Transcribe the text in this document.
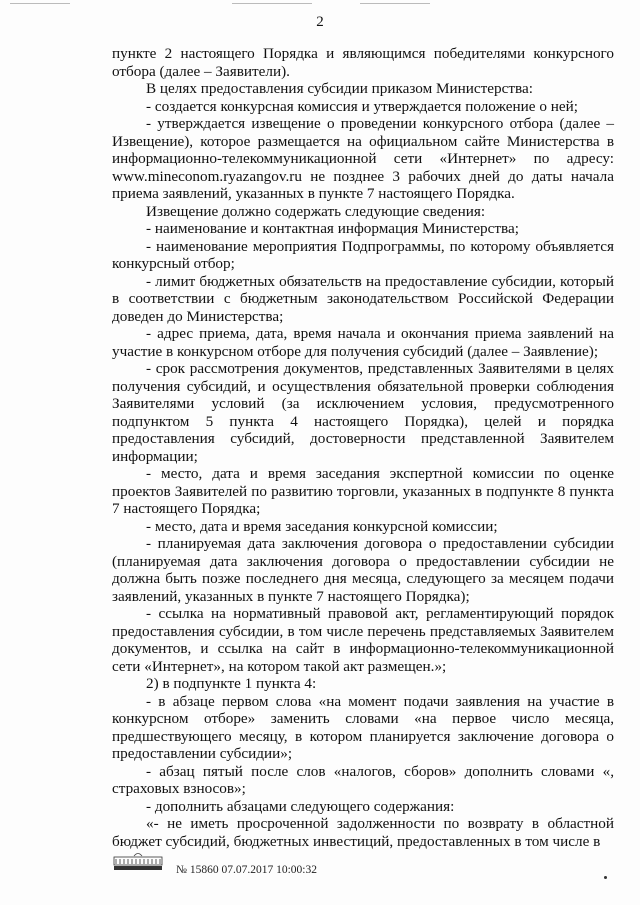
2

пункте 2 настоящего Порядка и являющимся победителями конкурсного отбора (далее – Заявители).

В целях предоставления субсидии приказом Министерства:

- создается конкурсная комиссия и утверждается положение о ней;

- утверждается извещение о проведении конкурсного отбора (далее – Извещение), которое размещается на официальном сайте Министерства в информационно-телекоммуникационной сети «Интернет» по адресу: www.mineconom.ryazangov.ru не позднее 3 рабочих дней до даты начала приема заявлений, указанных в пункте 7 настоящего Порядка.

Извещение должно содержать следующие сведения:

- наименование и контактная информация Министерства;

- наименование мероприятия Подпрограммы, по которому объявляется конкурсный отбор;

- лимит бюджетных обязательств на предоставление субсидии, который в соответствии с бюджетным законодательством Российской Федерации доведен до Министерства;

- адрес приема, дата, время начала и окончания приема заявлений на участие в конкурсном отборе для получения субсидий (далее – Заявление);

- срок рассмотрения документов, представленных Заявителями в целях получения субсидий, и осуществления обязательной проверки соблюдения Заявителями условий (за исключением условия, предусмотренного подпунктом 5 пункта 4 настоящего Порядка), целей и порядка предоставления субсидий, достоверности представленной Заявителем информации;

- место, дата и время заседания экспертной комиссии по оценке проектов Заявителей по развитию торговли, указанных в подпункте 8 пункта 7 настоящего Порядка;

- место, дата и время заседания конкурсной комиссии;

- планируемая дата заключения договора о предоставлении субсидии (планируемая дата заключения договора о предоставлении субсидии не должна быть позже последнего дня месяца, следующего за месяцем подачи заявлений, указанных в пункте 7 настоящего Порядка);

- ссылка на нормативный правовой акт, регламентирующий порядок предоставления субсидии, в том числе перечень представляемых Заявителем документов, и ссылка на сайт в информационно-телекоммуникационной сети «Интернет», на котором такой акт размещен.»;

2) в подпункте 1 пункта 4:

- в абзаце первом слова «на момент подачи заявления на участие в конкурсном отборе» заменить словами «на первое число месяца, предшествующего месяцу, в котором планируется заключение договора о предоставлении субсидии»;

- абзац пятый после слов «налогов, сборов» дополнить словами «, страховых взносов»;

- дополнить абзацами следующего содержания:

«- не иметь просроченной задолженности по возврату в областной бюджет субсидий, бюджетных инвестиций, предоставленных в том числе в

№ 15860 07.07.2017 10:00:32
